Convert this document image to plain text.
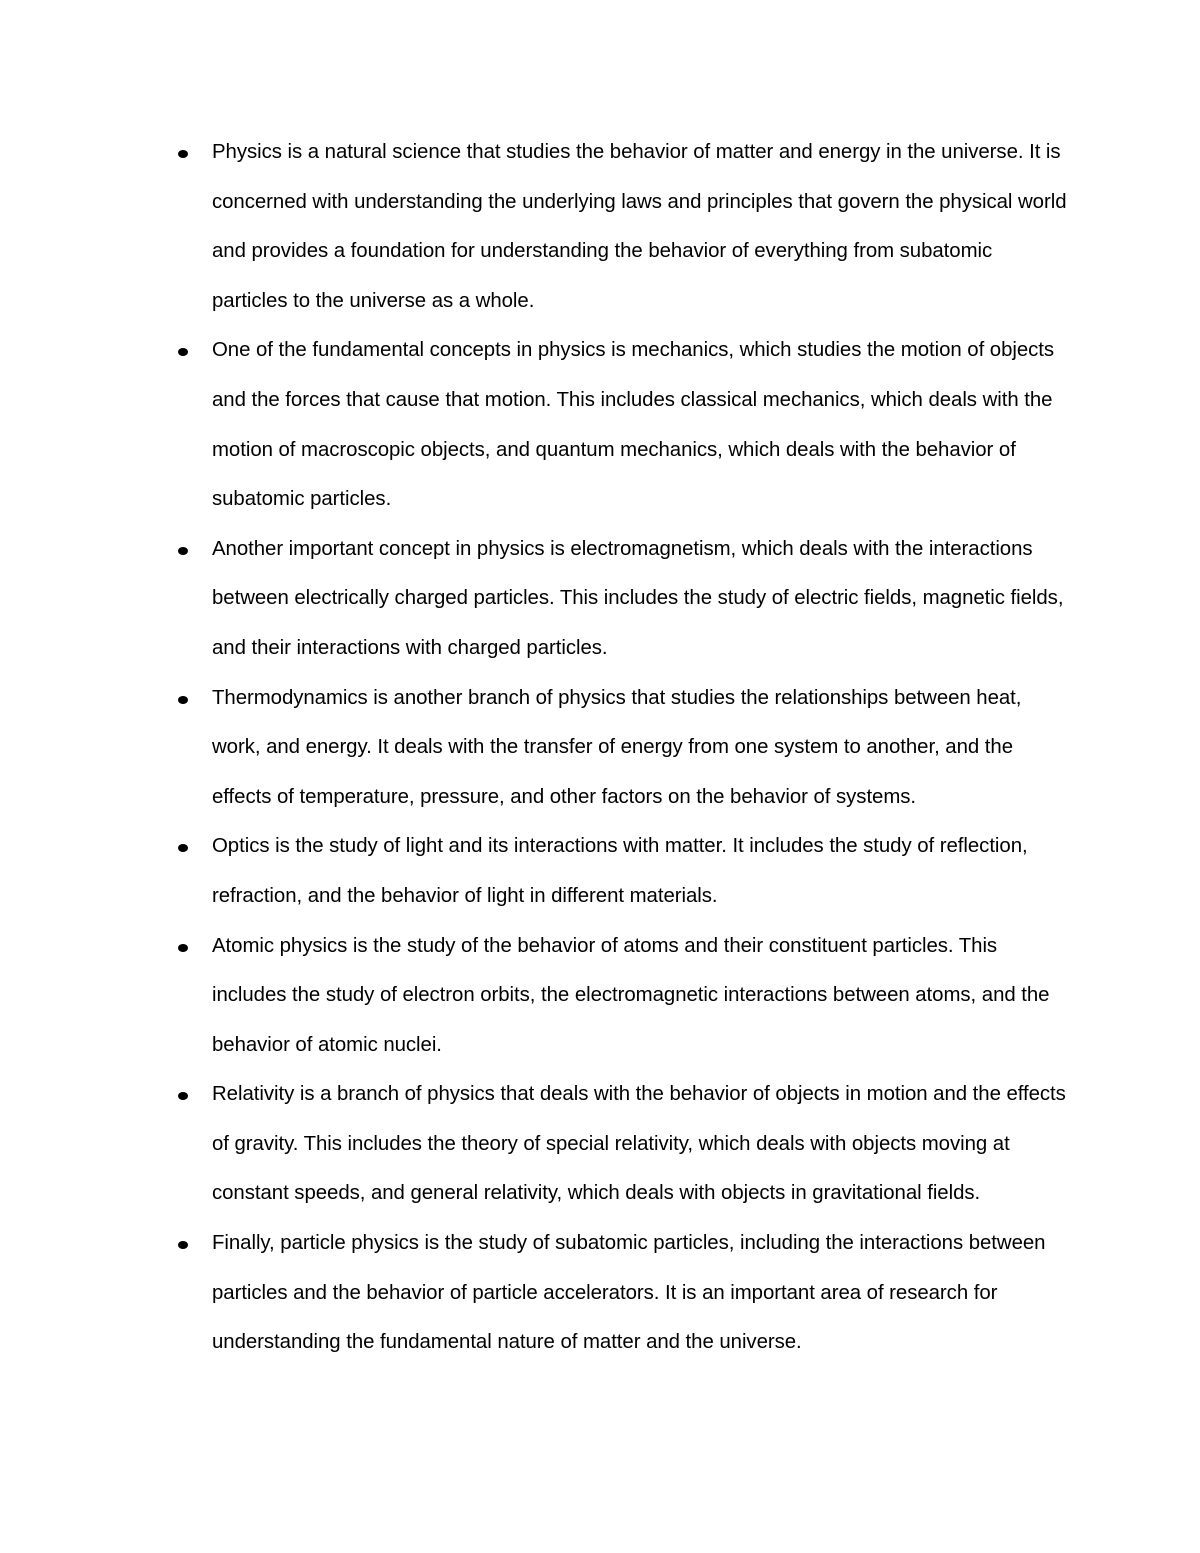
Physics is a natural science that studies the behavior of matter and energy in the universe. It is concerned with understanding the underlying laws and principles that govern the physical world and provides a foundation for understanding the behavior of everything from subatomic particles to the universe as a whole.
One of the fundamental concepts in physics is mechanics, which studies the motion of objects and the forces that cause that motion. This includes classical mechanics, which deals with the motion of macroscopic objects, and quantum mechanics, which deals with the behavior of subatomic particles.
Another important concept in physics is electromagnetism, which deals with the interactions between electrically charged particles. This includes the study of electric fields, magnetic fields, and their interactions with charged particles.
Thermodynamics is another branch of physics that studies the relationships between heat, work, and energy. It deals with the transfer of energy from one system to another, and the effects of temperature, pressure, and other factors on the behavior of systems.
Optics is the study of light and its interactions with matter. It includes the study of reflection, refraction, and the behavior of light in different materials.
Atomic physics is the study of the behavior of atoms and their constituent particles. This includes the study of electron orbits, the electromagnetic interactions between atoms, and the behavior of atomic nuclei.
Relativity is a branch of physics that deals with the behavior of objects in motion and the effects of gravity. This includes the theory of special relativity, which deals with objects moving at constant speeds, and general relativity, which deals with objects in gravitational fields.
Finally, particle physics is the study of subatomic particles, including the interactions between particles and the behavior of particle accelerators. It is an important area of research for understanding the fundamental nature of matter and the universe.
